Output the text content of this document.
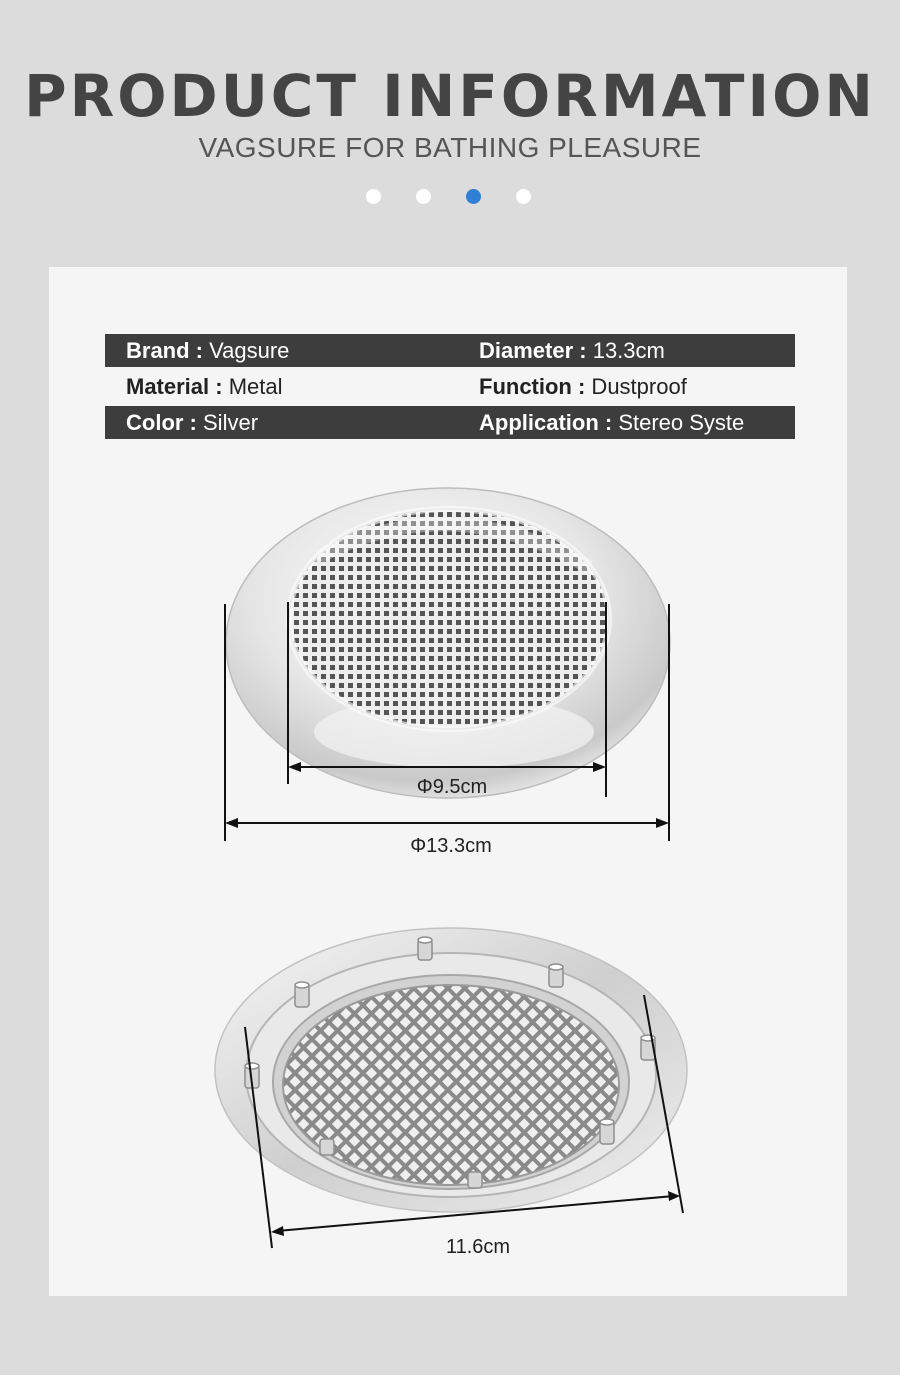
PRODUCT INFORMATION
VAGSURE FOR BATHING PLEASURE
Brand : Vagsure	Diameter : 13.3cm
Material : Metal	Function : Dustproof
Color : Silver	Application : Stereo Syste
Φ9.5cm
Φ13.3cm
11.6cm
